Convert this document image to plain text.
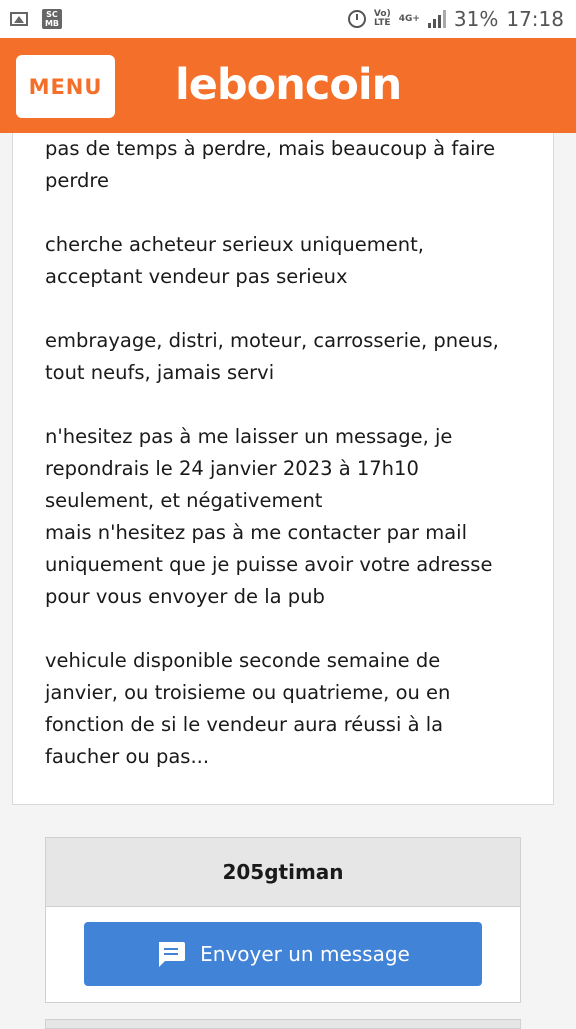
SC
MB
Vo)
LTE 4G+ 31% 17:18
MENU leboncoin

pas de temps à perdre, mais beaucoup à faire
perdre

cherche acheteur serieux uniquement,
acceptant vendeur pas serieux

embrayage, distri, moteur, carrosserie, pneus,
tout neufs, jamais servi

n'hesitez pas à me laisser un message, je
repondrais le 24 janvier 2023 à 17h10
seulement, et négativement
mais n'hesitez pas à me contacter par mail
uniquement que je puisse avoir votre adresse
pour vous envoyer de la pub

vehicule disponible seconde semaine de
janvier, ou troisieme ou quatrieme, ou en
fonction de si le vendeur aura réussi à la
faucher ou pas...

205gtiman
Envoyer un message
